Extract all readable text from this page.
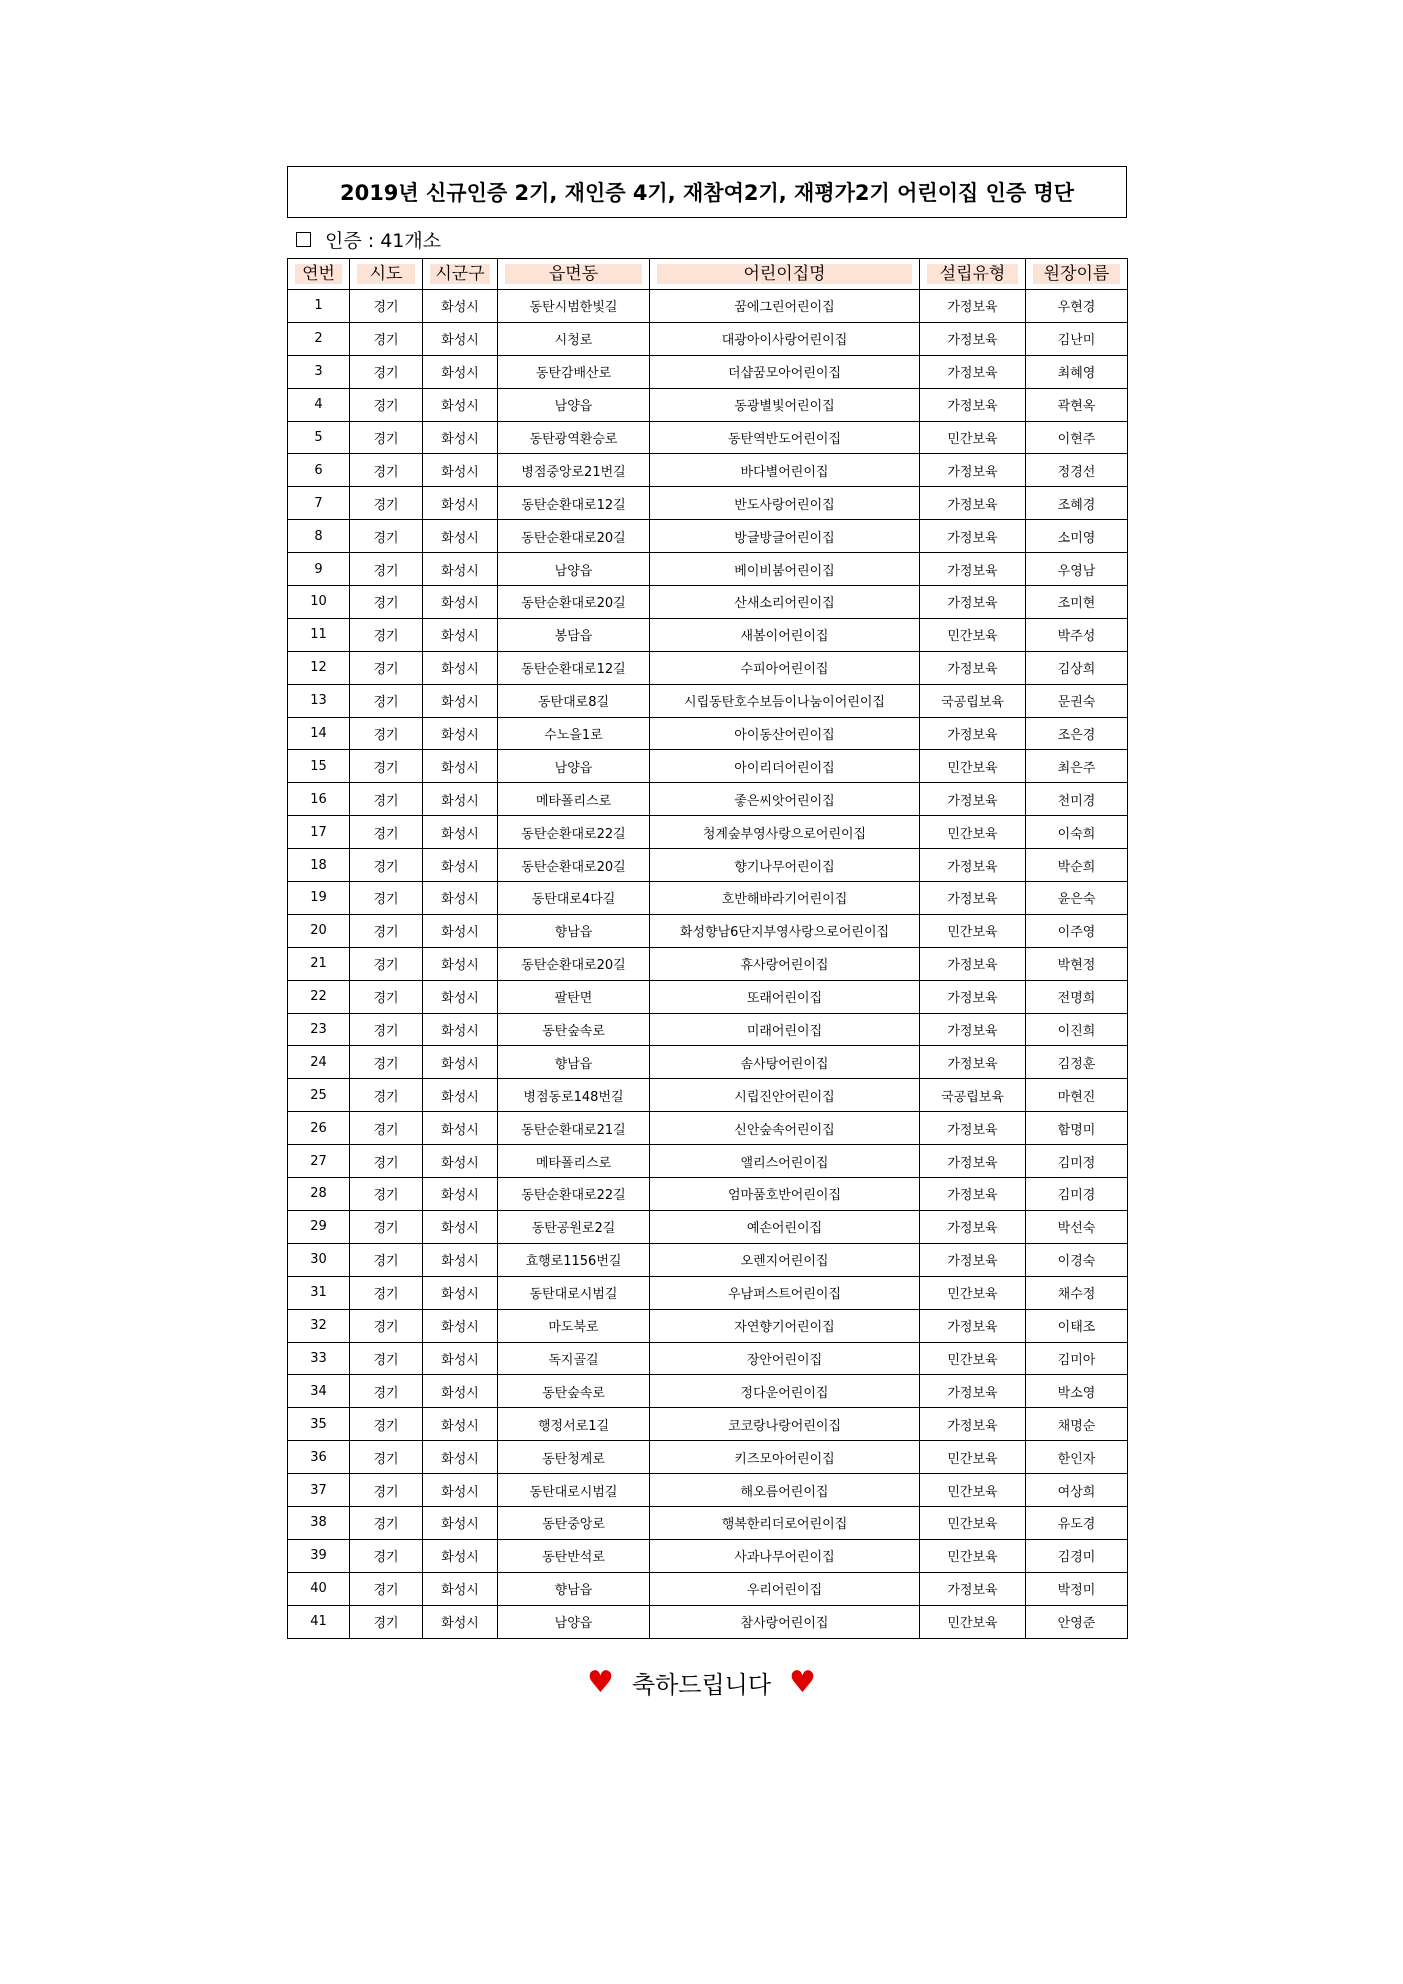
2019년 신규인증 2기, 재인증 4기, 재참여2기, 재평가2기 어린이집 인증 명단
인증 : 41개소
연번	시도	시군구	읍면동	어린이집명	설립유형	원장이름

1	경기	화성시	동탄시범한빛길	꿈에그린어린이집	가정보육	우현경
2	경기	화성시	시청로	대광아이사랑어린이집	가정보육	김난미
3	경기	화성시	동탄감배산로	더샵꿈모아어린이집	가정보육	최혜영
4	경기	화성시	남양읍	동광별빛어린이집	가정보육	곽현옥
5	경기	화성시	동탄광역환승로	동탄역반도어린이집	민간보육	이현주
6	경기	화성시	병점중앙로21번길	바다별어린이집	가정보육	정경선
7	경기	화성시	동탄순환대로12길	반도사랑어린이집	가정보육	조혜경
8	경기	화성시	동탄순환대로20길	방글방글어린이집	가정보육	소미영
9	경기	화성시	남양읍	베이비붐어린이집	가정보육	우영남
10	경기	화성시	동탄순환대로20길	산새소리어린이집	가정보육	조미현
11	경기	화성시	봉담읍	새봄이어린이집	민간보육	박주성
12	경기	화성시	동탄순환대로12길	수피아어린이집	가정보육	김상희
13	경기	화성시	동탄대로8길	시립동탄호수보듬이나눔이어린이집	국공립보육	문권숙
14	경기	화성시	수노을1로	아이동산어린이집	가정보육	조은경
15	경기	화성시	남양읍	아이리더어린이집	민간보육	최은주
16	경기	화성시	메타폴리스로	좋은씨앗어린이집	가정보육	천미경
17	경기	화성시	동탄순환대로22길	청계숲부영사랑으로어린이집	민간보육	이숙희
18	경기	화성시	동탄순환대로20길	향기나무어린이집	가정보육	박순희
19	경기	화성시	동탄대로4다길	호반해바라기어린이집	가정보육	윤은숙
20	경기	화성시	향남읍	화성향남6단지부영사랑으로어린이집	민간보육	이주영
21	경기	화성시	동탄순환대로20길	휴사랑어린이집	가정보육	박현정
22	경기	화성시	팔탄면	또래어린이집	가정보육	전명희
23	경기	화성시	동탄숲속로	미래어린이집	가정보육	이진희
24	경기	화성시	향남읍	솜사탕어린이집	가정보육	김정훈
25	경기	화성시	병점동로148번길	시립진안어린이집	국공립보육	마현진
26	경기	화성시	동탄순환대로21길	신안숲속어린이집	가정보육	함명미
27	경기	화성시	메타폴리스로	앨리스어린이집	가정보육	김미정
28	경기	화성시	동탄순환대로22길	엄마품호반어린이집	가정보육	김미경
29	경기	화성시	동탄공원로2길	예손어린이집	가정보육	박선숙
30	경기	화성시	효행로1156번길	오렌지어린이집	가정보육	이경숙
31	경기	화성시	동탄대로시범길	우남퍼스트어린이집	민간보육	채수정
32	경기	화성시	마도북로	자연향기어린이집	가정보육	이태조
33	경기	화성시	독지골길	장안어린이집	민간보육	김미아
34	경기	화성시	동탄숲속로	정다운어린이집	가정보육	박소영
35	경기	화성시	행정서로1길	코코랑나랑어린이집	가정보육	채명순
36	경기	화성시	동탄청계로	키즈모아어린이집	민간보육	한인자
37	경기	화성시	동탄대로시범길	해오름어린이집	민간보육	여상희
38	경기	화성시	동탄중앙로	행복한리더로어린이집	민간보육	유도경
39	경기	화성시	동탄반석로	사과나무어린이집	민간보육	김경미
40	경기	화성시	향남읍	우리어린이집	가정보육	박정미
41	경기	화성시	남양읍	참사랑어린이집	민간보육	안영준
♥ 축하드립니다 ♥
